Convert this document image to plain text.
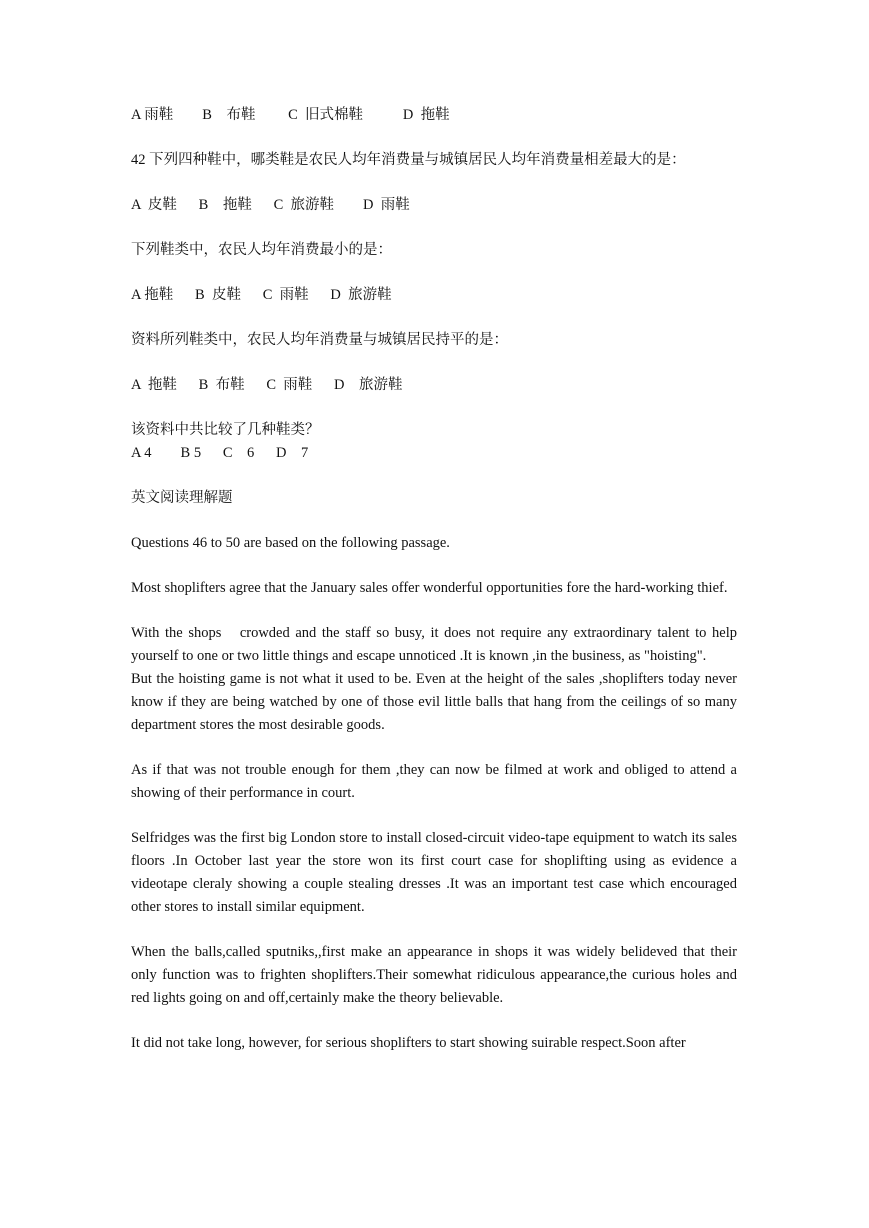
A 雨鞋 B　布鞋 C  旧式棉鞋	D  拖鞋

42 下列四种鞋中，哪类鞋是农民人均年消费量与城镇居民人均年消费量相差最大的是：

A  皮鞋 B　拖鞋 C  旅游鞋 D  雨鞋

下列鞋类中，农民人均年消费最小的是：

A 拖鞋 B  皮鞋 C  雨鞋 D  旅游鞋

资料所列鞋类中，农民人均年消费量与城镇居民持平的是：

A  拖鞋 B  布鞋 C  雨鞋 D　旅游鞋

该资料中共比较了几种鞋类？

A 4 B 5 C　6 D　7

英文阅读理解题

Questions 46 to 50 are based on the following passage.

Most shoplifters agree that the January sales offer wonderful opportunities fore the hard-working thief.

With the shops　crowded and the staff so busy, it does not require any extraordinary talent to help yourself to one or two little things and escape unnoticed .It is known ,in the business, as "hoisting".

But the hoisting game is not what it used to be. Even at the height of the sales ,shoplifters today never know if they are being watched by one of those evil little balls that hang from the ceilings of so many department stores the most desirable goods.

As if that was not trouble enough for them ,they can now be filmed at work and obliged to attend a showing of their performance in court.

Selfridges was the first big London store to install closed-circuit video-tape equipment to watch its sales floors .In October last year the store won its first court case for shoplifting using as evidence a videotape cleraly showing a couple stealing dresses .It was an important test case which encouraged other stores to install similar equipment.

When the balls,called sputniks,,first make an appearance in shops it was widely belideved that their only function was to frighten shoplifters.Their somewhat ridiculous appearance,the curious holes and red lights going on and off,certainly make the theory believable.

It did not take long, however, for serious shoplifters to start showing suirable respect.Soon after
